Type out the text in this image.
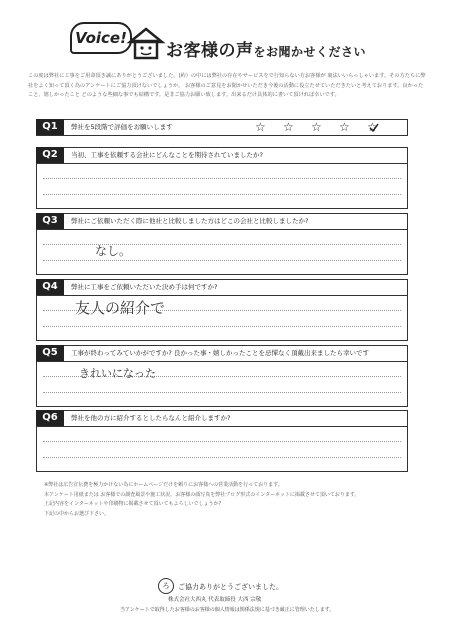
Voice!
お客様の声をお聞かせください
この度は弊社に工事をご用命頂き誠にありがとうございました。(約）の中には弊社の存在やサービスをで行知らない方お客様が 裏法いいらっしゃいます。その方たちに弊社をよく知って頂く為のアンケートにご協力頂けないでしょうか。 お客様のご意見をお聞かせいただき今後の活動に役立たせていただきたいと考えております。良かったこと、嬉しかったこと どのような些細な事でも結構です。是非ご協力お願い致します。出来るだけ具体的に書いて頂ければ幸いです。
Q1	弊社を5段階で評価をお願いします	☆ ☆ ☆ ☆ ☆
Q2	当初、工事を依頼する会社にどんなことを期待されていましたか?
Q3	弊社にご依頼いただく際に他社と比較しました方はどこの会社と比較しましたか?
なし。
Q4	弊社に工事をご依頼いただいた決め手は何ですか?
友人の紹介で
Q5	工事が終わってみていかがですか? 良かった事・嬉しかったことを忌憚なく頂戴出来ましたら幸いです
きれいになった
Q6	弊社を他の方に紹介するとしたらなんと紹介しますか?
※弊社は広告宣伝費を極力かけない為にホームページだけを頼りにお客様への営業活動を行っております。
本アンケート用紙または お客様での調査風景や施工状況、お客様の顔写真を弊社ブログ形式のインターネットに掲載させて頂いております。
上記内容をインターネットや印刷物に掲載させて頂いてもよろしいでしょうか?
下記の中からお選び下さい。
ろ	ご協力ありがとうございました。
株式会社大西丸 代表取締役 大西 宗敬
当アンケートで取得したお客様のお客様の個人情報は関係法規に基づき厳正に管理いたします。
